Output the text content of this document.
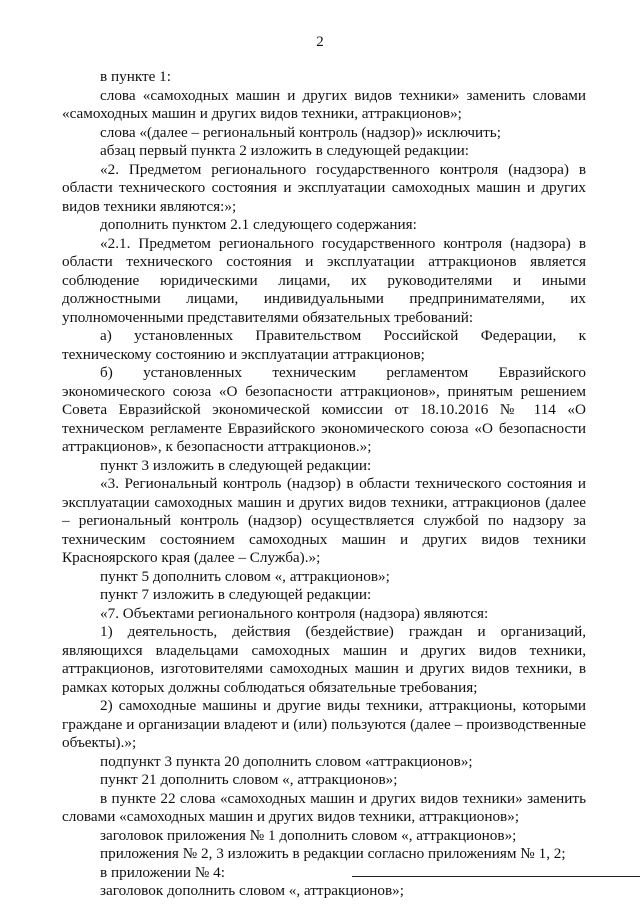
2

в пункте 1:

слова «самоходных машин и других видов техники» заменить словами «самоходных машин и других видов техники, аттракционов»;

слова «(далее – региональный контроль (надзор)» исключить;

абзац первый пункта 2 изложить в следующей редакции:

«2. Предметом регионального государственного контроля (надзора) в области технического состояния и эксплуатации самоходных машин и других видов техники являются:»;

дополнить пунктом 2.1 следующего содержания:

«2.1. Предметом регионального государственного контроля (надзора) в области технического состояния и эксплуатации аттракционов является соблюдение юридическими лицами, их руководителями и иными должностными лицами, индивидуальными предпринимателями, их уполномоченными представителями обязательных требований:

а) установленных Правительством Российской Федерации, к техническому состоянию и эксплуатации аттракционов;

б) установленных техническим регламентом Евразийского экономического союза «О безопасности аттракционов», принятым решением Совета Евразийской экономической комиссии от 18.10.2016 № 114 «О техническом регламенте Евразийского экономического союза «О безопасности аттракционов», к безопасности аттракционов.»;

пункт 3 изложить в следующей редакции:

«3. Региональный контроль (надзор) в области технического состояния и эксплуатации самоходных машин и других видов техники, аттракционов (далее – региональный контроль (надзор) осуществляется службой по надзору за техническим состоянием самоходных машин и других видов техники Красноярского края (далее – Служба).»;

пункт 5 дополнить словом «, аттракционов»;

пункт 7 изложить в следующей редакции:

«7. Объектами регионального контроля (надзора) являются:

1) деятельность, действия (бездействие) граждан и организаций, являющихся владельцами самоходных машин и других видов техники, аттракционов, изготовителями самоходных машин и других видов техники, в рамках которых должны соблюдаться обязательные требования;

2) самоходные машины и другие виды техники, аттракционы, которыми граждане и организации владеют и (или) пользуются (далее – производственные объекты).»;

подпункт 3 пункта 20 дополнить словом «аттракционов»;

пункт 21 дополнить словом «, аттракционов»;

в пункте 22 слова «самоходных машин и других видов техники» заменить словами «самоходных машин и других видов техники, аттракционов»;

заголовок приложения № 1 дополнить словом «, аттракционов»;

приложения № 2, 3 изложить в редакции согласно приложениям № 1, 2;

в приложении № 4:

заголовок дополнить словом «, аттракционов»;
